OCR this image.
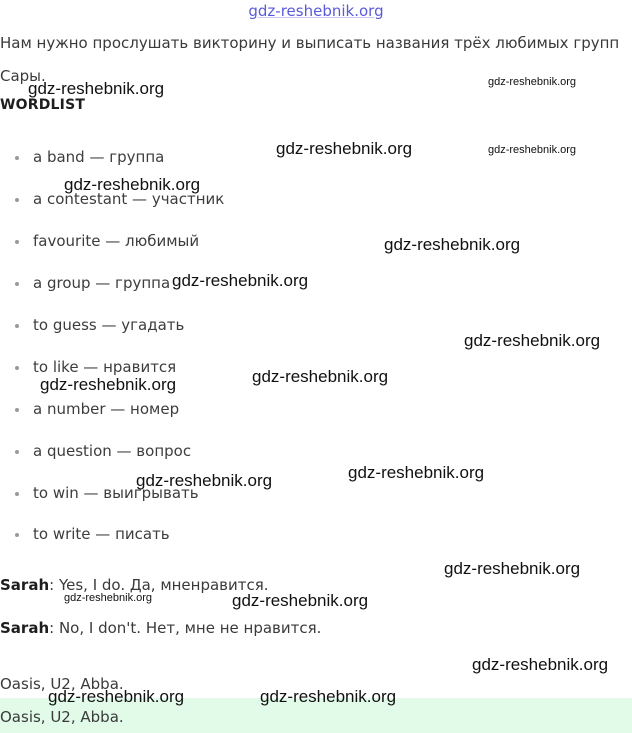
gdz-reshebnik.org
Нам нужно прослушать викторину и выписать названия трёх любимых групп
Сары.
WORDLIST
a band — группа
a contestant — участник
favourite — любимый
a group — группа
to guess — угадать
to like — нравится
a number — номер
a question — вопрос
to win — выигрывать
to write — писать
Sarah: Yes, I do. Да, мненравится.
Sarah: No, I don't. Нет, мне не нравится.
Oasis, U2, Abba.
Oasis, U2, Abba.
gdz-reshebnik.org	gdz-reshebnik.org
gdz-reshebnik.org	gdz-reshebnik.org
gdz-reshebnik.org
gdz-reshebnik.org
gdz-reshebnik.org
gdz-reshebnik.org
gdz-reshebnik.org
gdz-reshebnik.org
gdz-reshebnik.org
gdz-reshebnik.org
gdz-reshebnik.org
gdz-reshebnik.org	gdz-reshebnik.org
gdz-reshebnik.org
gdz-reshebnik.org	gdz-reshebnik.org
